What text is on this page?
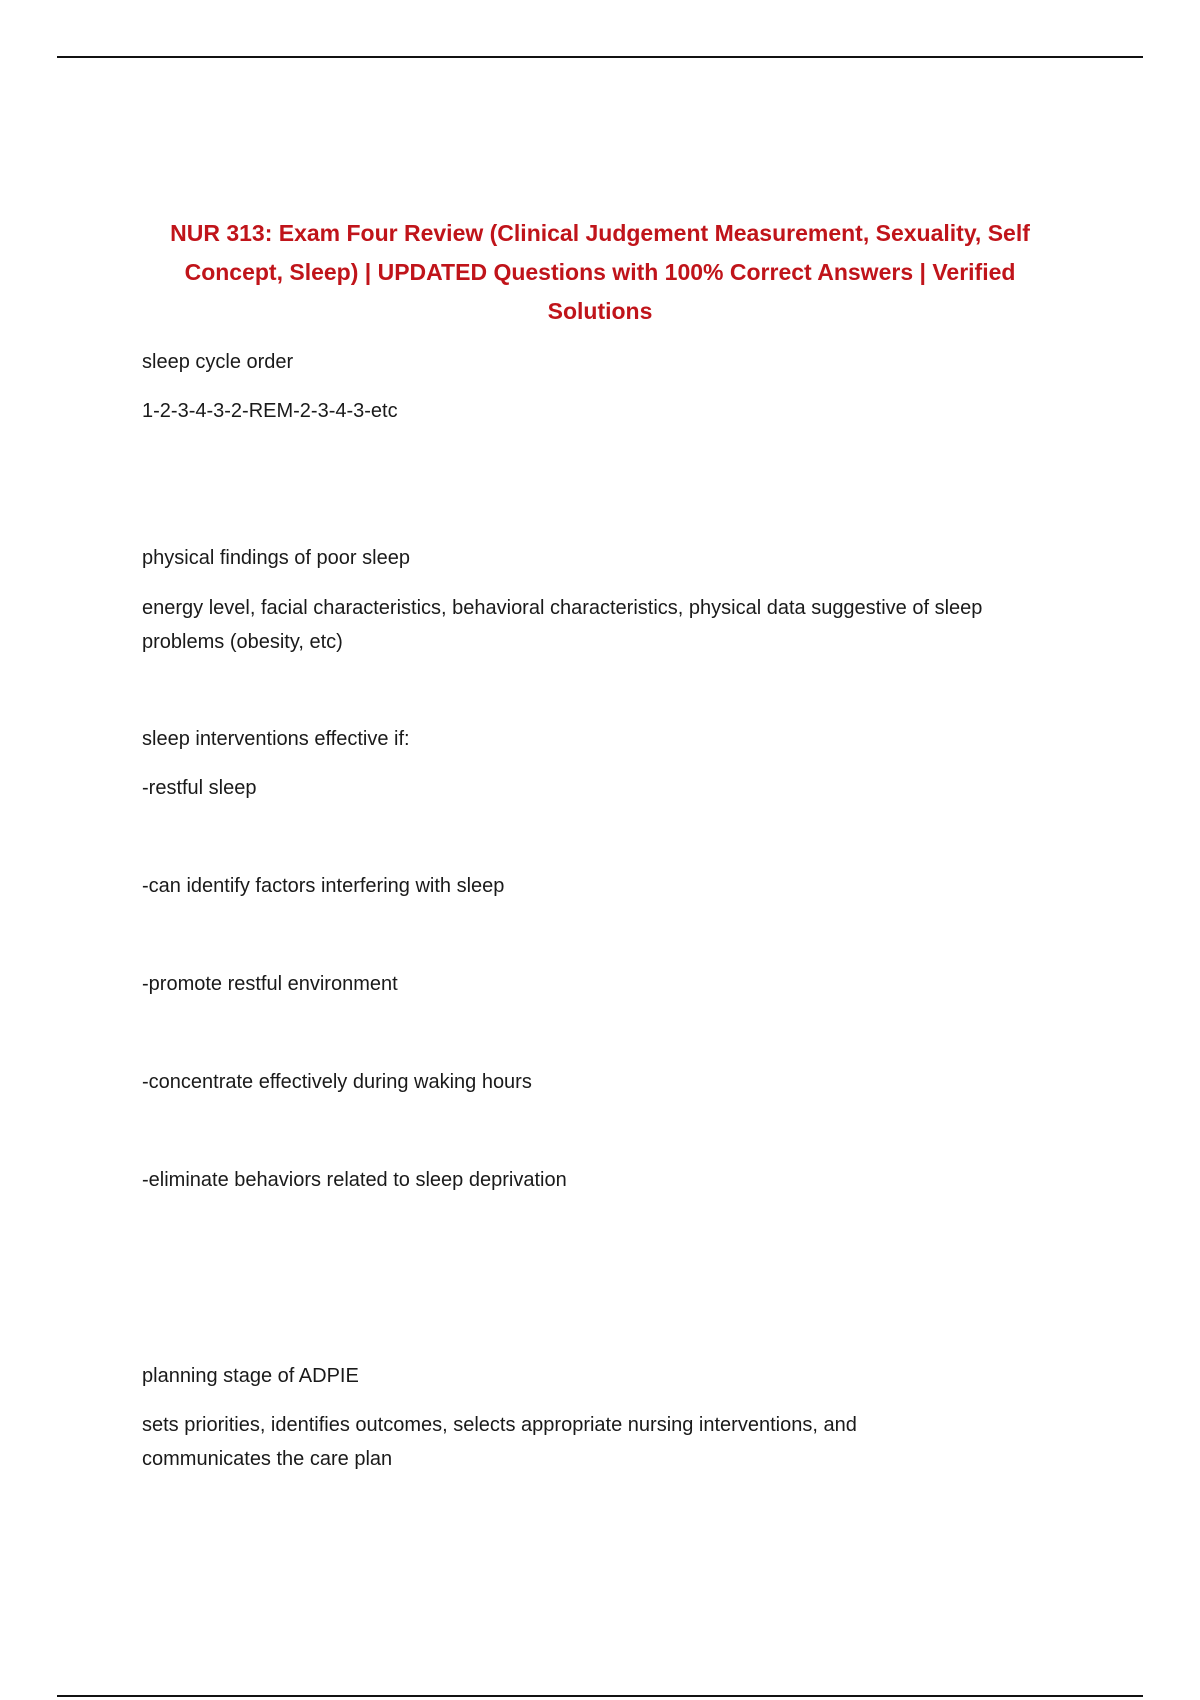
NUR 313: Exam Four Review (Clinical Judgement Measurement, Sexuality, Self Concept, Sleep) | UPDATED Questions with 100% Correct Answers | Verified Solutions
sleep cycle order
1-2-3-4-3-2-REM-2-3-4-3-etc
physical findings of poor sleep
energy level, facial characteristics, behavioral characteristics, physical data suggestive of sleep problems (obesity, etc)
sleep interventions effective if:
-restful sleep
-can identify factors interfering with sleep
-promote restful environment
-concentrate effectively during waking hours
-eliminate behaviors related to sleep deprivation
planning stage of ADPIE
sets priorities, identifies outcomes, selects appropriate nursing interventions, and communicates the care plan
